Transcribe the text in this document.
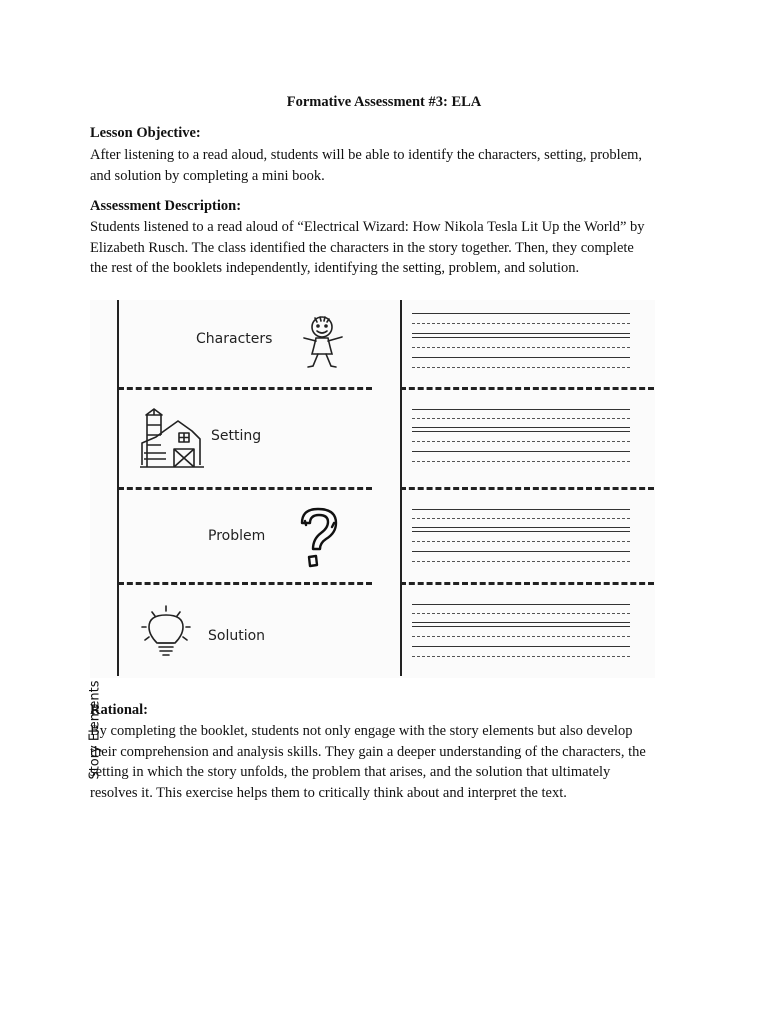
Formative Assessment #3: ELA
Lesson Objective:

After listening to a read aloud, students will be able to identify the characters, setting, problem,
and solution by completing a mini book.

Assessment Description:

Students listened to a read aloud of “Electrical Wizard: How Nikola Tesla Lit Up the World” by
Elizabeth Rusch. The class identified the characters in the story together. Then, they complete
the rest of the booklets independently, identifying the setting, problem, and solution.

Story Elements
Characters
Setting
Problem
Solution
Rational:

By completing the booklet, students not only engage with the story elements but also develop
their comprehension and analysis skills. They gain a deeper understanding of the characters, the
setting in which the story unfolds, the problem that arises, and the solution that ultimately
resolves it. This exercise helps them to critically think about and interpret the text.
